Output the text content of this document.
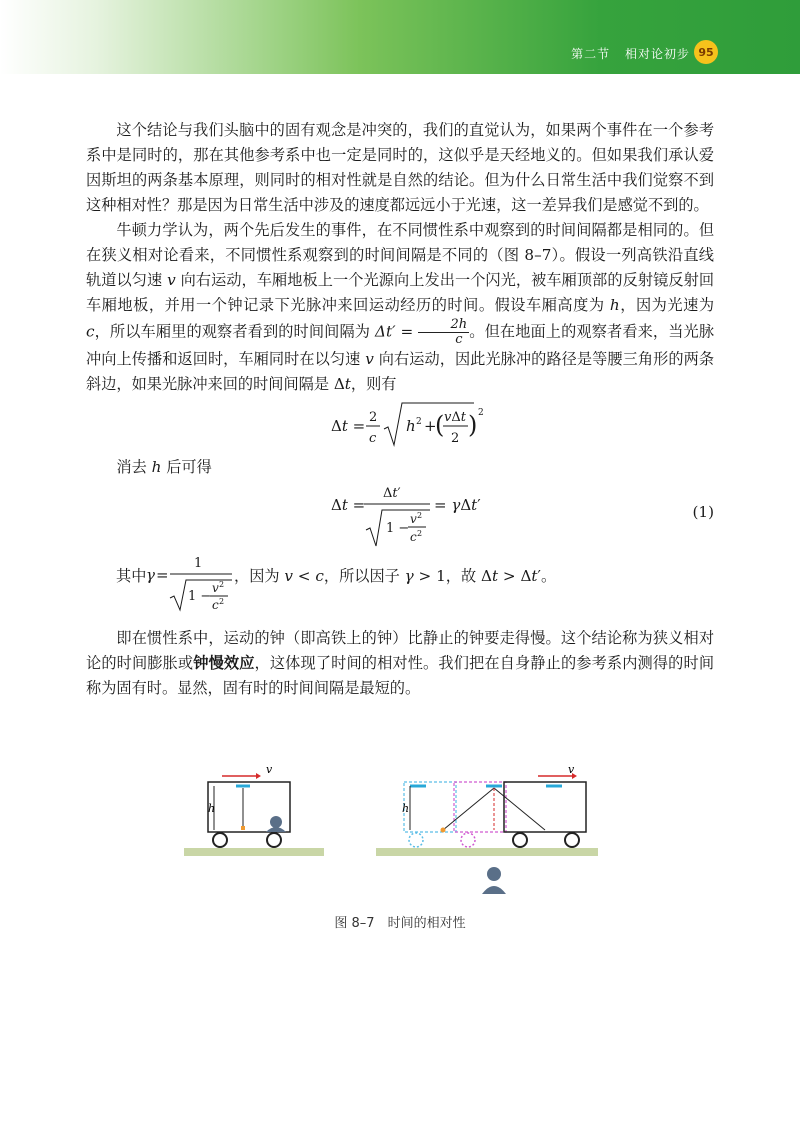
第二节 相对论初步 95

这个结论与我们头脑中的固有观念是冲突的，我们的直觉认为，如果两个事件在一个参考系中是同时的，那在其他参考系中也一定是同时的，这似乎是天经地义的。但如果我们承认爱因斯坦的两条基本原理，则同时的相对性就是自然的结论。但为什么日常生活中我们觉察不到这种相对性？那是因为日常生活中涉及的速度都远远小于光速，这一差异我们是感觉不到的。

牛顿力学认为，两个先后发生的事件，在不同惯性系中观察到的时间间隔都是相同的。但在狭义相对论看来，不同惯性系观察到的时间间隔是不同的（图 8–7）。假设一列高铁沿直线轨道以匀速 v 向右运动，车厢地板上一个光源向上发出一个闪光，被车厢顶部的反射镜反射回车厢地板，并用一个钟记录下光脉冲来回运动经历的时间。假设车厢高度为 h，因为光速为 c，所以车厢里的观察者看到的时间间隔为 $\Delta t' = \frac{2h}{c}$ 。但在地面上的观察者看来，当光脉冲向上传播和返回时，车厢同时在以匀速 v 向右运动，因此光脉冲的路径是等腰三角形的两条斜边，如果光脉冲来回的时间间隔是 Δt，则有

Δt = 2
c
h 2 +
( vΔt
2 ) 2

消去 h 后可得

Δt =
Δt′
1 −
v 2
c 2
= γΔt′	(1)
其中 γ =
1
1 −
v 2
c 2
，因为 v < c，所以因子 γ > 1，故 Δt > Δt′。

即在惯性系中，运动的钟（即高铁上的钟）比静止的钟要走得慢。这个结论称为狭义相对论的时间膨胀或钟慢效应，这体现了时间的相对性。我们把在自身静止的参考系内测得的时间称为固有时。显然，固有时的时间间隔是最短的。

h
v
h
v
图 8–7　时间的相对性
